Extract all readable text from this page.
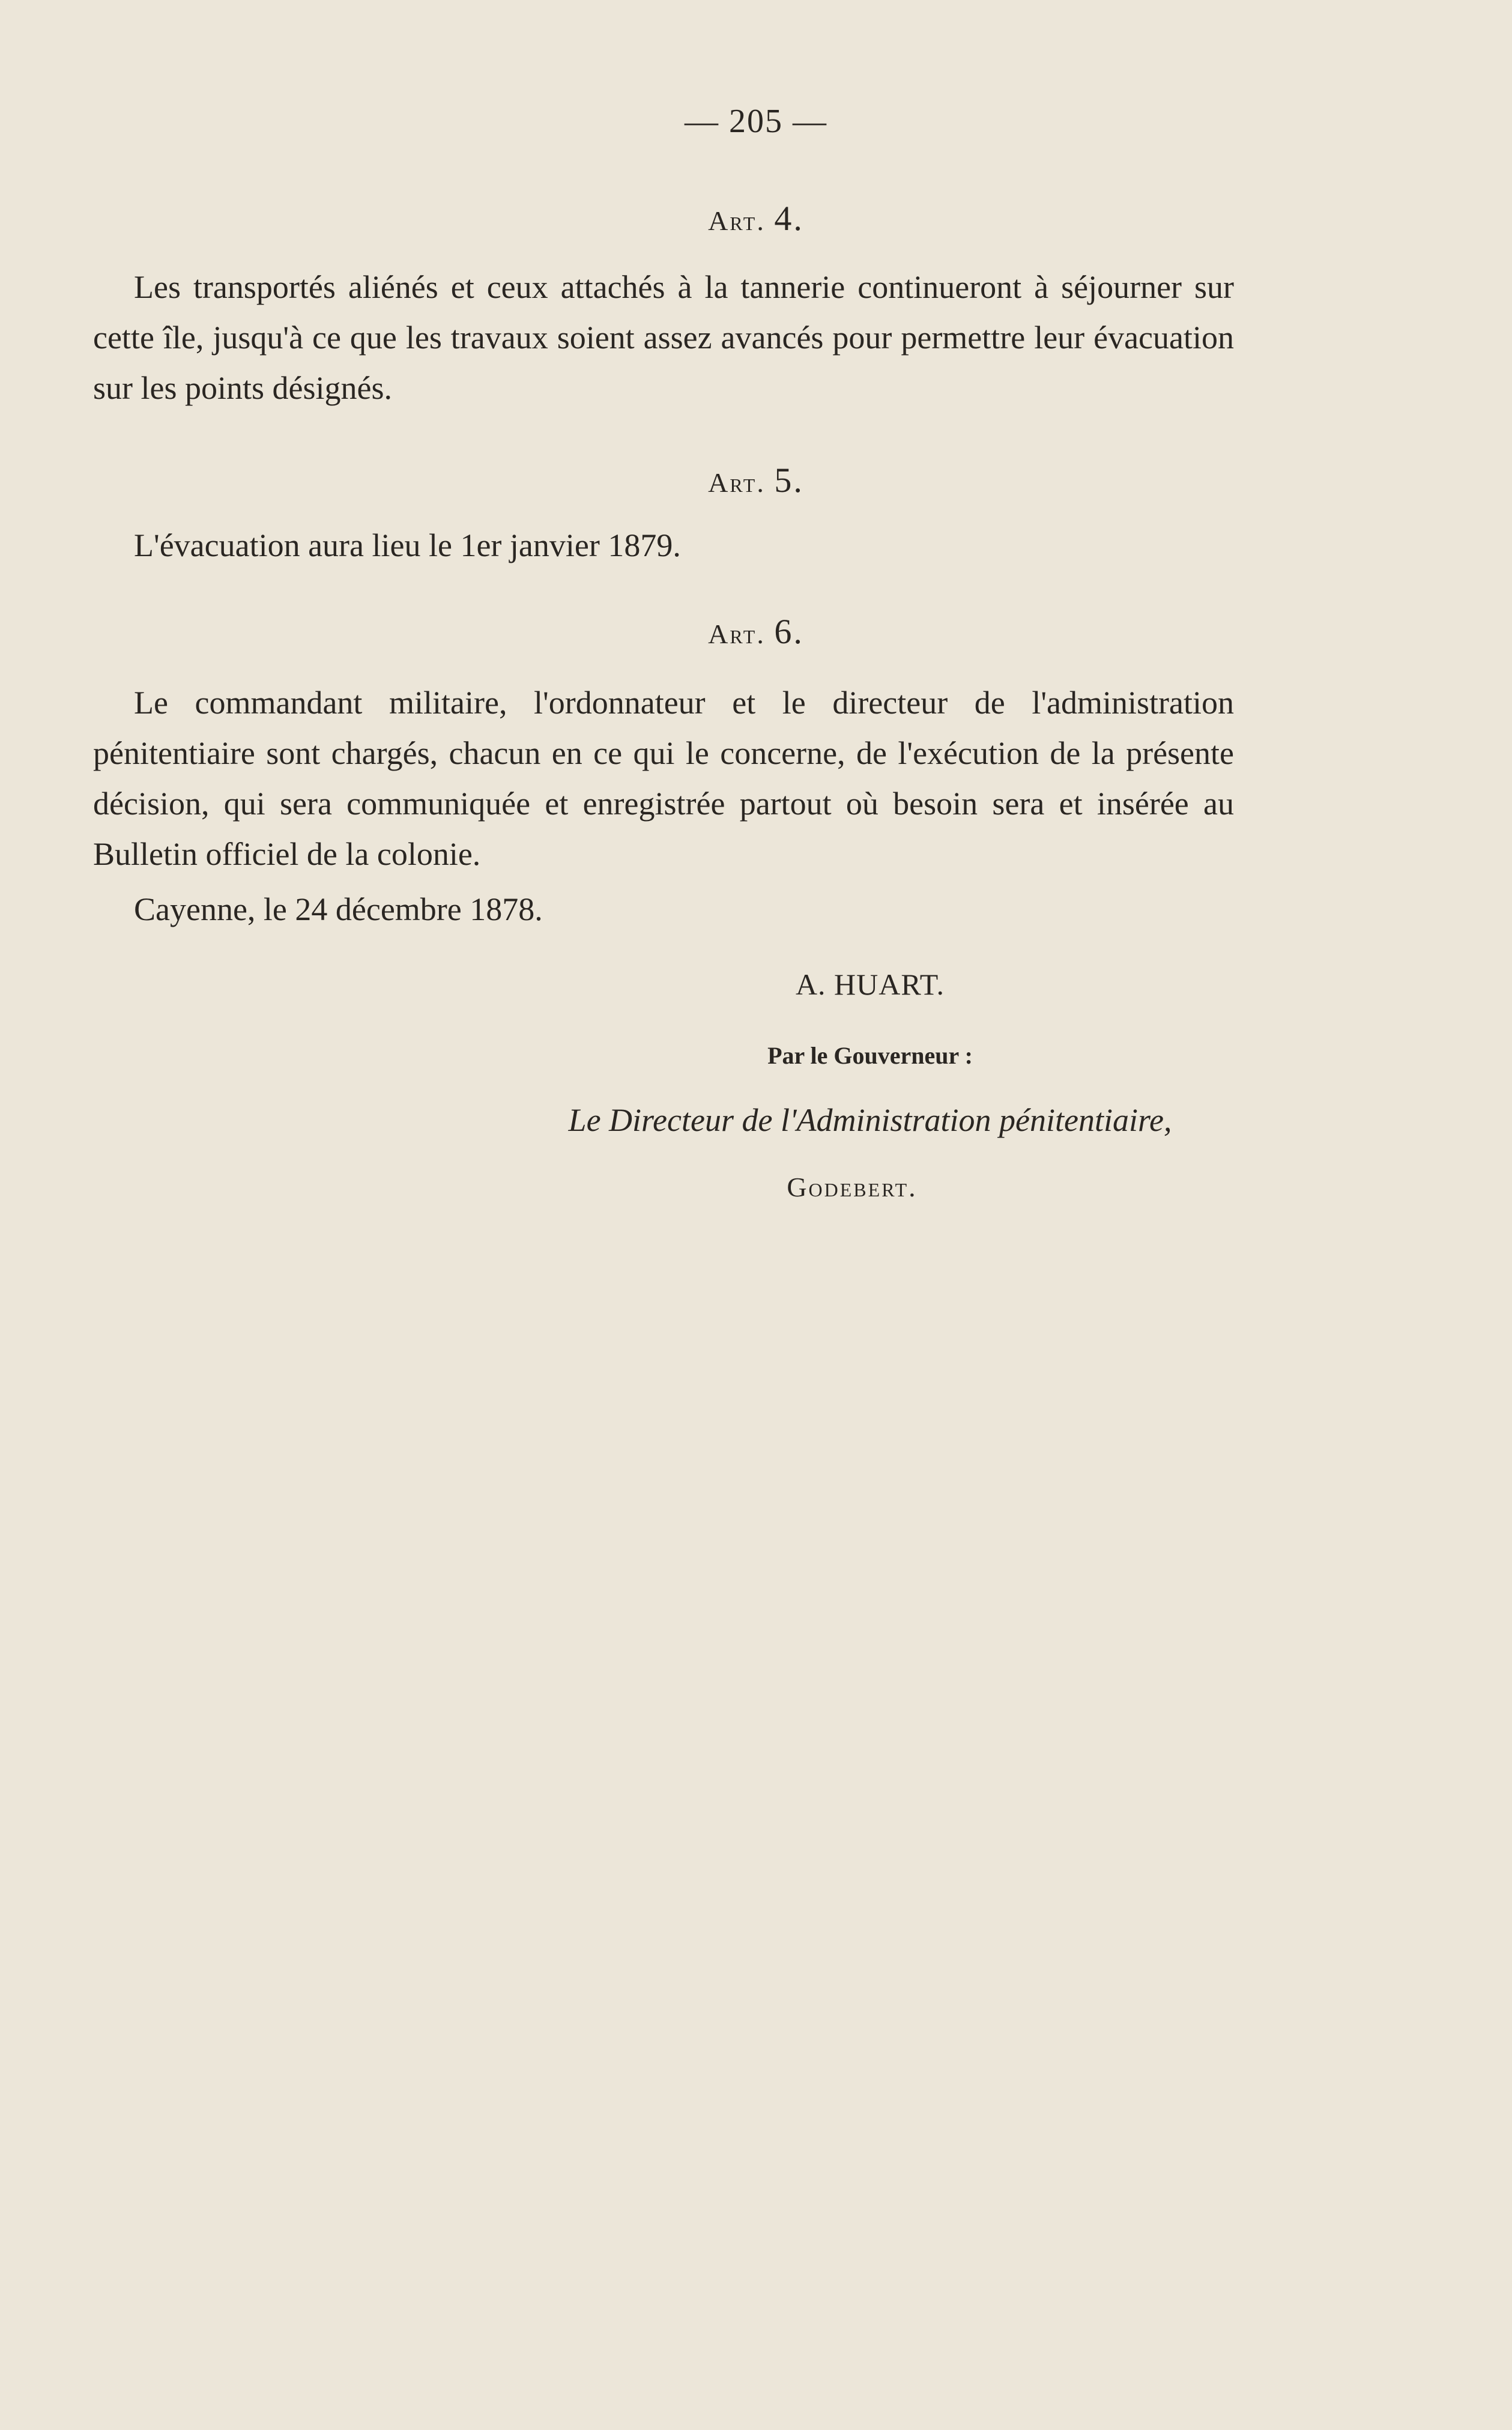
— 205 —
Art. 4.
Les transportés aliénés et ceux attachés à la tannerie continueront à séjourner sur cette île, jusqu'à ce que les travaux soient assez avancés pour permettre leur évacuation sur les points désignés.
Art. 5.
L'évacuation aura lieu le 1er janvier 1879.
Art. 6.
Le commandant militaire, l'ordonnateur et le directeur de l'administration pénitentiaire sont chargés, chacun en ce qui le concerne, de l'exécution de la présente décision, qui sera communiquée et enregistrée partout où besoin sera et insérée au Bulletin officiel de la colonie.
Cayenne, le 24 décembre 1878.
A. HUART.
Par le Gouverneur :
Le Directeur de l'Administration pénitentiaire,
Godebert.
